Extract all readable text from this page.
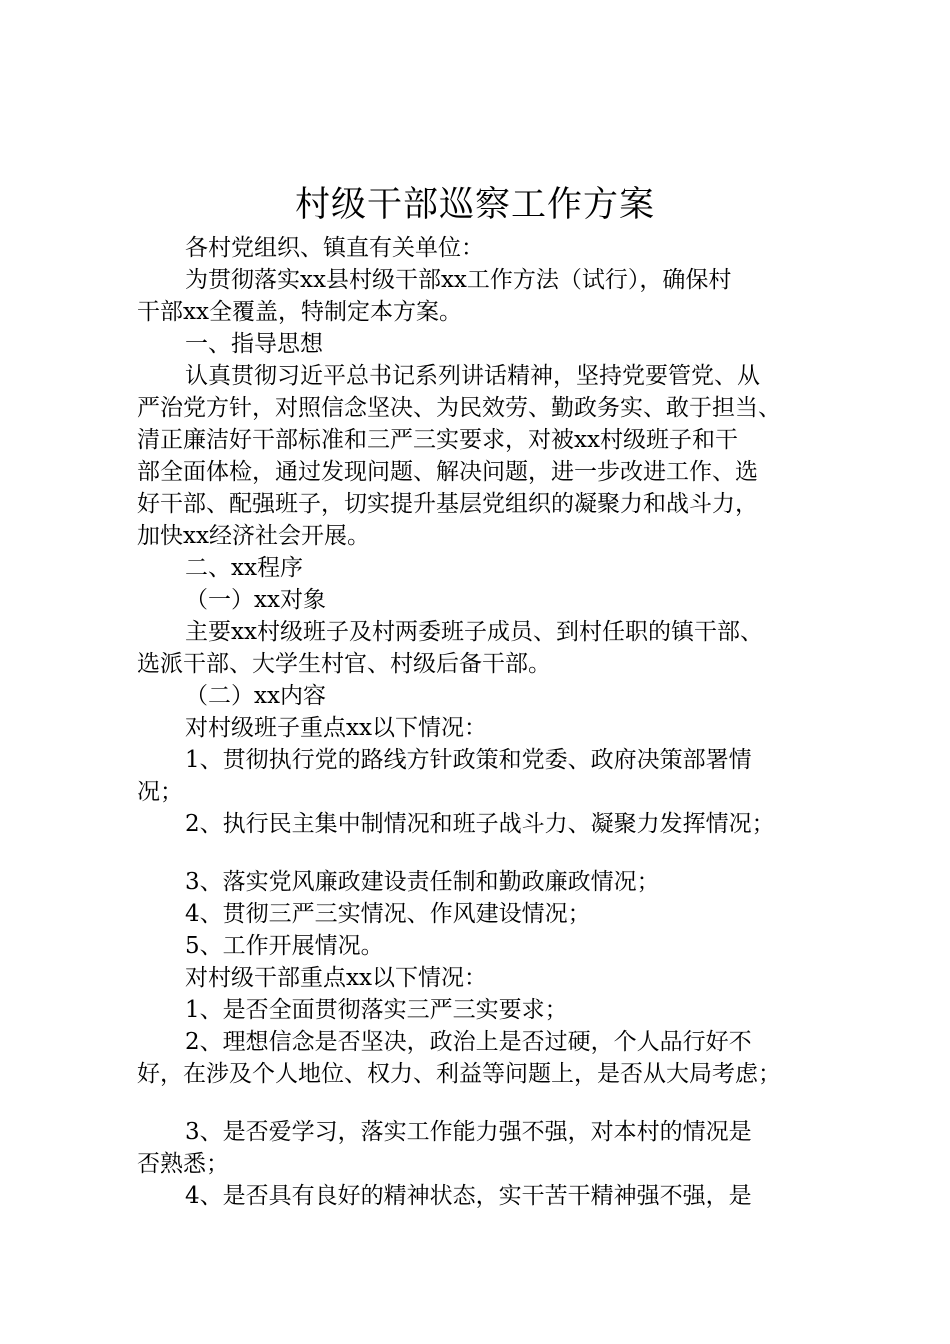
村级干部巡察工作方案
各村党组织、镇直有关单位：
为贯彻落实xx县村级干部xx工作方法（试行），确保村
干部xx全覆盖，特制定本方案。
一、指导思想
认真贯彻习近平总书记系列讲话精神，坚持党要管党、从
严治党方针，对照信念坚决、为民效劳、勤政务实、敢于担当、
清正廉洁好干部标准和三严三实要求，对被xx村级班子和干
部全面体检，通过发现问题、解决问题，进一步改进工作、选
好干部、配强班子，切实提升基层党组织的凝聚力和战斗力，
加快xx经济社会开展。
二、xx程序
（一）xx对象
主要xx村级班子及村两委班子成员、到村任职的镇干部、
选派干部、大学生村官、村级后备干部。
（二）xx内容
对村级班子重点xx以下情况：
1、贯彻执行党的路线方针政策和党委、政府决策部署情
况；
2、执行民主集中制情况和班子战斗力、凝聚力发挥情况；
3、落实党风廉政建设责任制和勤政廉政情况；
4、贯彻三严三实情况、作风建设情况；
5、工作开展情况。
对村级干部重点xx以下情况：
1、是否全面贯彻落实三严三实要求；
2、理想信念是否坚决，政治上是否过硬，个人品行好不
好，在涉及个人地位、权力、利益等问题上，是否从大局考虑；
3、是否爱学习，落实工作能力强不强，对本村的情况是
否熟悉；
4、是否具有良好的精神状态，实干苦干精神强不强，是
